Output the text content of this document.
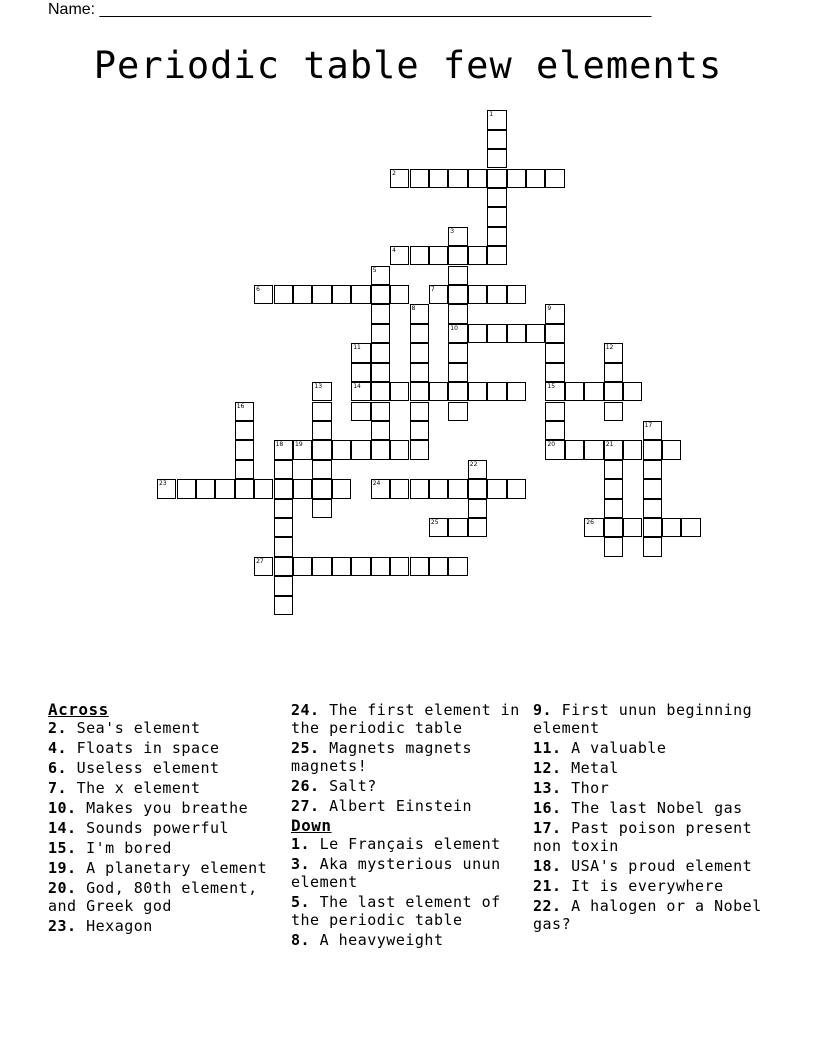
Name: ______________________________________________________________
Periodic table few elements
1
2
3
10
4
5
6	7
8	9
15
20
11
14
12
13
16
17
18 19	21
22
23	24
25	26
27
Across
2. Sea's element
4. Floats in space
6. Useless element
7. The x element
10. Makes you breathe
14. Sounds powerful
15. I'm bored
19. A planetary element
20. God, 80th element, and Greek god
23. Hexagon
24. The first element in the periodic table
25. Magnets magnets magnets!
26. Salt?
27. Albert Einstein
Down
1. Le Français element
3. Aka mysterious unun element
5. The last element of the periodic table
8. A heavyweight
9. First unun beginning element
11. A valuable
12. Metal
13. Thor
16. The last Nobel gas
17. Past poison present non toxin
18. USA's proud element
21. It is everywhere
22. A halogen or a Nobel gas?
